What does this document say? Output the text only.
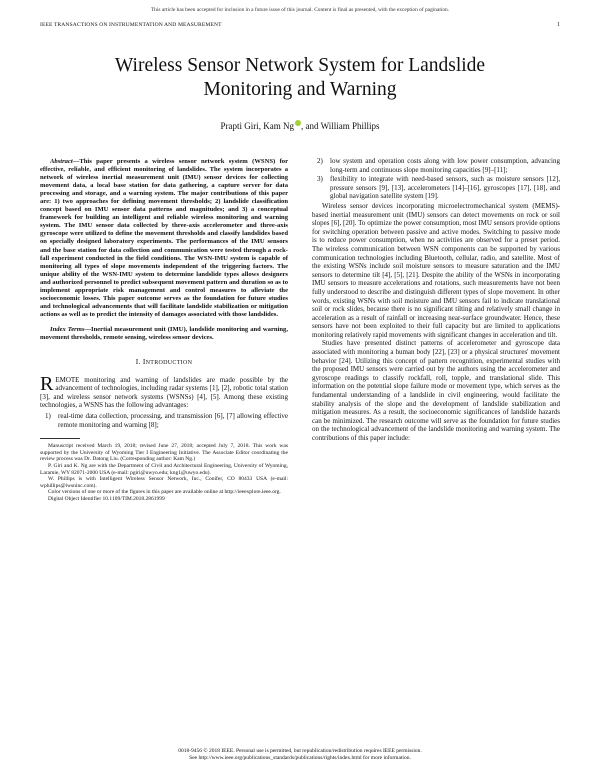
This article has been accepted for inclusion in a future issue of this journal. Content is final as presented, with the exception of pagination.
IEEE TRANSACTIONS ON INSTRUMENTATION AND MEASUREMENT	1
Wireless Sensor Network System for Landslide
Monitoring and Warning
Prapti Giri, Kam Ng , and William Phillips

Abstract—This paper presents a wireless sensor network system (WSNS) for effective, reliable, and efficient monitoring of landslides. The system incorporates a network of wireless inertial measurement unit (IMU) sensor devices for collecting movement data, a local base station for data gathering, a capture server for data processing and storage, and a warning system. The major contributions of this paper are: 1) two approaches for defining movement thresholds; 2) landslide classification concept based on IMU sensor data patterns and magnitudes; and 3) a conceptual framework for building an intelligent and reliable wireless monitoring and warning system. The IMU sensor data collected by three-axis accelerometer and three-axis gyroscope were utilized to define the movement thresholds and classify landslides based on specially designed laboratory experiments. The performances of the IMU sensors and the base station for data collection and communication were tested through a rock-fall experiment conducted in the field conditions. The WSN-IMU system is capable of monitoring all types of slope movements independent of the triggering factors. The unique ability of the WSN-IMU system to determine landslide types allows designers and authorized personnel to predict subsequent movement pattern and duration so as to implement appropriate risk management and control measures to alleviate the socioeconomic losses. This paper outcome serves as the foundation for future studies and technological advancements that will facilitate landslide stabilization or mitigation actions as well as to predict the intensity of damages associated with those landslides.

Index Terms—Inertial measurement unit (IMU), landslide monitoring and warning, movement thresholds, remote sensing, wireless sensor devices.

I. INTRODUCTION

REMOTE monitoring and warning of landslides are made possible by the advancement of technologies, including radar systems [1], [2], robotic total station [3], and wireless sensor network systems (WSNSs) [4], [5]. Among these existing technologies, a WSNS has the following advantages:

1) real-time data collection, processing, and transmission [6], [7] allowing effective remote monitoring and warning [8];

Manuscript received March 19, 2018; revised June 27, 2018; accepted July 7, 2018. This work was supported by the University of Wyoming Tier I Engineering Initiative. The Associate Editor coordinating the review process was Dr. Datong Liu. (Corresponding author: Kam Ng.)

P. Giri and K. Ng are with the Department of Civil and Architectural Engineering, University of Wyoming, Laramie, WY 82071-2000 USA (e-mail: pgiri@uwyo.edu; kng1@uwyo.edu).

W. Phillips is with Intelligent Wireless Sensor Network, Inc., Conifer, CO 80433 USA (e-mail: wphillips@iwsninc.com).

Color versions of one or more of the figures in this paper are available online at http://ieeexplore.ieee.org.

Digital Object Identifier 10.1109/TIM.2018.2861999

2) low system and operation costs along with low power consumption, advancing long-term and continuous slope monitoring capacities [9]–[11];
3) flexibility to integrate with need-based sensors, such as moisture sensors [12], pressure sensors [9], [13], accelerometers [14]–[16], gyroscopes [17], [18], and global navigation satellite system [19].

Wireless sensor devices incorporating microelectromechanical system (MEMS)-based inertial measurement unit (IMU) sensors can detect movements on rock or soil slopes [6], [20]. To optimize the power consumption, most IMU sensors provide options for switching operation between passive and active modes. Switching to passive mode is to reduce power consumption, when no activities are observed for a preset period. The wireless communication between WSN components can be supported by various communication technologies including Bluetooth, cellular, radio, and satellite. Most of the existing WSNs include soil moisture sensors to measure saturation and the IMU sensors to determine tilt [4], [5], [21]. Despite the ability of the WSNs in incorporating IMU sensors to measure accelerations and rotations, such measurements have not been fully understood to describe and distinguish different types of slope movement. In other words, existing WSNs with soil moisture and IMU sensors fail to indicate translational soil or rock slides, because there is no significant tilting and relatively small change in acceleration as a result of rainfall or increasing near-surface groundwater. Hence, these sensors have not been exploited to their full capacity but are limited to applications monitoring relatively rapid movements with significant changes in acceleration and tilt.

Studies have presented distinct patterns of accelerometer and gyroscope data associated with monitoring a human body [22], [23] or a physical structures' movement behavior [24]. Utilizing this concept of pattern recognition, experimental studies with the proposed IMU sensors were carried out by the authors using the accelerometer and gyroscope readings to classify rockfall, roll, topple, and translational slide. This information on the potential slope failure mode or movement type, which serves as the fundamental understanding of a landslide in civil engineering, would facilitate the stability analysis of the slope and the development of landslide stabilization and mitigation measures. As a result, the socioeconomic significances of landslide hazards can be minimized. The research outcome will serve as the foundation for future studies on the technological advancement of the landslide monitoring and warning system. The contributions of this paper include:

0018-9456 © 2018 IEEE. Personal use is permitted, but republication/redistribution requires IEEE permission.
See http://www.ieee.org/publications_standards/publications/rights/index.html for more information.
